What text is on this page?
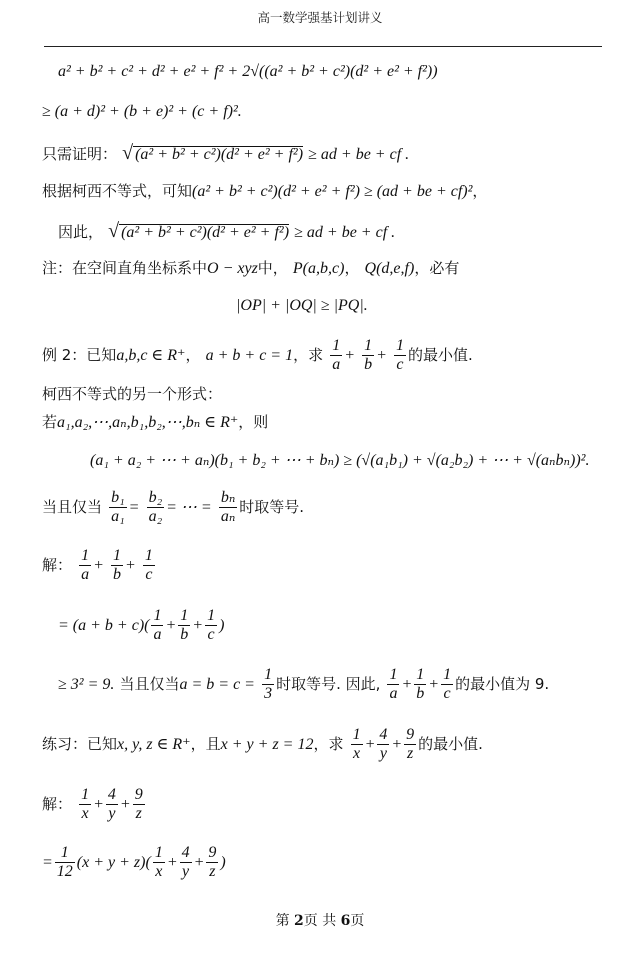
高一数学强基计划讲义
a² + b² + c² + d² + e² + f² + 2√((a² + b² + c²)(d² + e² + f²))
≥ (a + d)² + (b + e)² + (c + f)².
只需证明： √ (a² + b² + c²)(d² + e² + f²) ≥ ad + be + cf .
根据柯西不等式，可知(a² + b² + c²)(d² + e² + f²) ≥ (ad + be + cf)²，
因此， √ (a² + b² + c²)(d² + e² + f²) ≥ ad + be + cf .
注：在空间直角坐标系中O − xyz中， P(a,b,c)， Q(d,e,f)，必有
|OP| + |OQ| ≥ |PQ|.
例 2：已知a,b,c ∈ R⁺， a + b + c = 1，求 $\frac{1}{a} + \frac{1}{b} + \frac{1}{c}$ 的最小值.
柯西不等式的另一个形式：
若a₁,a₂,⋯,aₙ,b₁,b₂,⋯,bₙ ∈ R⁺，则
(a₁ + a₂ + ⋯ + aₙ)(b₁ + b₂ + ⋯ + bₙ) ≥ (√(a₁b₁) + √(a₂b₂) + ⋯ + √(aₙbₙ))².
当且仅当 $\frac{\text{b₁}}{\text{a₁}} = \frac{\text{b₂}}{\text{a₂}}$ = ⋯ = $\frac{\text{bₙ}}{\text{aₙ}}$ 时取等号.
解： $\frac{1}{a} + \frac{1}{b} + \frac{1}{c}$
= $(a + b + c)( \frac{1}{a} + \frac{1}{b} + \frac{1}{c}$ )
≥ 3² = 9. 当且仅当$a = b = c = \frac{1}{3}$ 时取等号. 因此, $\frac{1}{a} + \frac{1}{b} + \frac{1}{c}$ 的最小值为 9.
练习：已知x, y, z ∈ R⁺，且x + y + z = 12，求 $\frac{1}{x} + \frac{4}{y} + \frac{9}{z}$ 的最小值.
解： $\frac{1}{x} + \frac{4}{y} + \frac{9}{z}$
= $\frac{1}{12} (x + y + z)( \frac{1}{x} + \frac{4}{y} + \frac{9}{z}$ )
第 2页 共 6页
